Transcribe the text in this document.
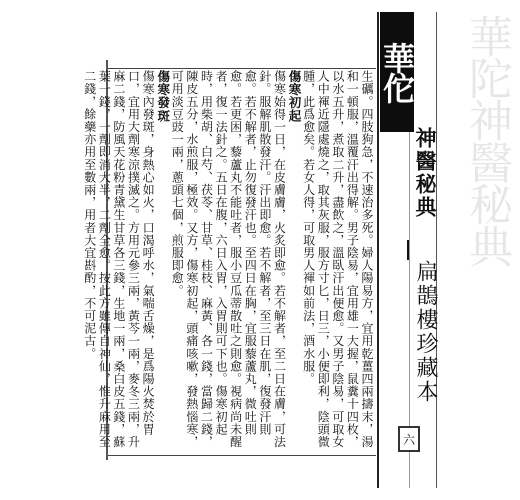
華陀神醫秘典
華佗
神醫秘典
扁鵲樓珍藏本
六

生礪。四肢狗急，不速治多死。婦人陽易方，宜用乾薑四兩擣末，湯和一頓服，溫覆汗出得解。男子陰易，宜用雄一大握，鼠糞十四枚，以水五升，煮取二升，盡飲之，溫臥汗出便愈。又男子陰易，可取女人中褌近隱處燒之，取其灰服，服方寸匕，日三，小便即利，陰頭微腫，此爲愈矣。若女人得，可取男人褌如前法，酒水服。

傷寒初起

傷寒始得一日，在皮膚膚，火炙即愈。若不解者，至二日在膚，可法針。服解肌散發汗。汗出即愈。若不解者，至三日在肌，復發汗則愈。若不解者，止勿復發汗也。至四日在胸，宜服藜蘆丸，微吐則愈。若更困，藜蘆丸不能吐者，服小豆瓜蒂散吐之則愈。視病尚未醒者，復一法針之。五日在腹，六日入胃，入胃則可下也。傷寒初起時，用柴胡、白芍、茯苓、甘草、桂枝、麻黃、各一錢，當歸二錢，陳皮五分，水煎服，極效。又方，傷寒初起，頭痛咳嗽，發熱惱寒，可用淡豆豉一兩，蔥頭七個，煎服即愈。

傷寒發斑

傷寒內發斑，身熱心如火，口渴呼水，氣喘舌燥，是爲陽火焚於胃口，宜用大劑寒涼撲滅之。方用元參三兩，黃芩一兩，麥冬三兩，升麻二錢，防風天花粉青黛生甘草各三錢，生地一兩，桑白皮五錢，蘇葉一錢，一劑即消大半，二劑全愈。按此方雖傳自神仙，惟升麻用至二錢，餘藥亦用至數兩，用者大宜斟酌，不可泥古。
